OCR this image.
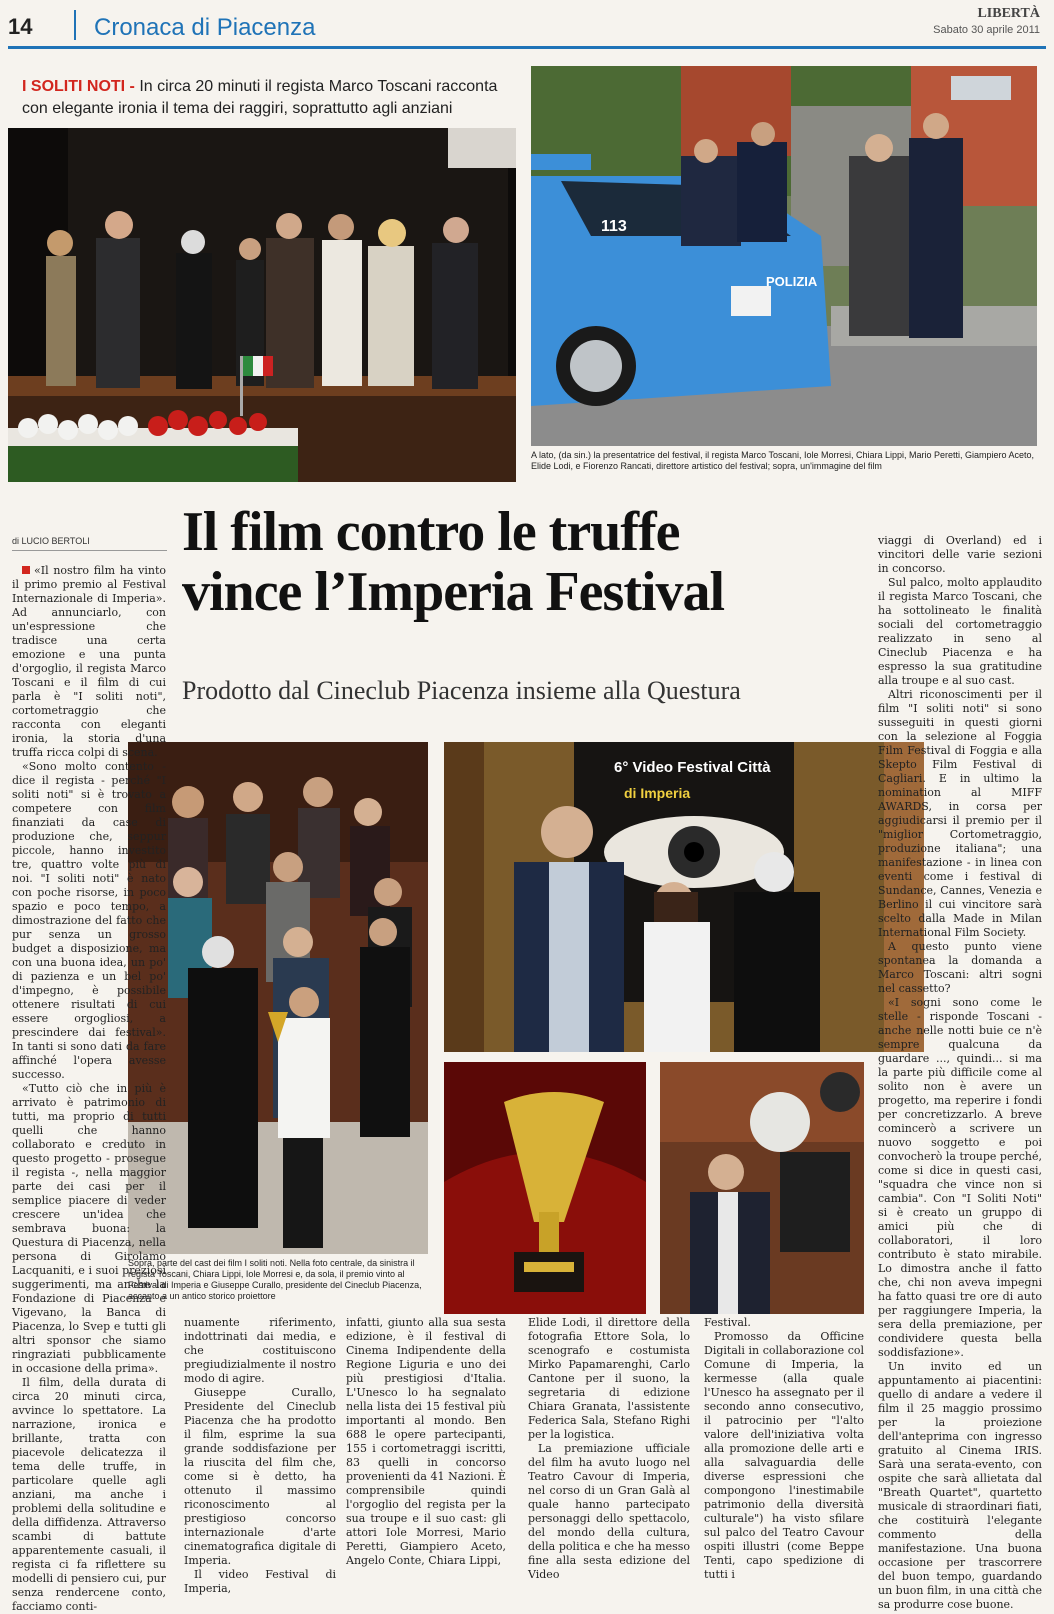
14	Cronaca di Piacenza
LIBERTÀ
Sabato 30 aprile 2011
I SOLITI NOTI - In circa 20 minuti il regista Marco Toscani racconta con elegante ironia il tema dei raggiri, soprattutto agli anziani
113
POLIZIA
A lato, (da sin.) la presentatrice del festival, il regista Marco Toscani, Iole Morresi, Chiara Lippi, Mario Peretti, Giampiero Aceto, Elide Lodi, e Fiorenzo Rancati, direttore artistico del festival; sopra, un'immagine del film
di LUCIO BERTOLI Il film contro le truffe
vince l’Imperia Festival
Prodotto dal Cineclub Piacenza insieme alla Questura
Sopra, parte del cast dei film I soliti noti. Nella foto centrale, da sinistra il regista Toscani, Chiara Lippi, Iole Morresi e, da sola, il premio vinto al Festival di Imperia e Giuseppe Curallo, presidente del Cineclub Piacenza, accanto a un antico storico proiettore
6° Video Festival Città
di Imperia

«Il nostro film ha vinto il primo premio al Festival Internazionale di Imperia». Ad annunciarlo, con un'espressione che tradisce una certa emozione e una punta d'orgoglio, il regista Marco Toscani e il film di cui parla è "I soliti noti", cortometraggio che racconta con eleganti ironia, la storia d'una truffa ricca colpi di scena.

«Sono molto contento - dice il regista - perché "I soliti noti" si è trovato a competere con film finanziati da case di produzione che, seppur piccole, hanno investito tre, quattro volte più di noi. "I soliti noti" è nato con poche risorse, in poco spazio e poco tempo, a dimostrazione del fatto che pur senza un grosso budget a disposizione, ma con una buona idea, un po' di pazienza e un bel po' d'impegno, è possibile ottenere risultati di cui essere orgogliosi, a prescindere dai festival». In tanti si sono dati da fare affinché l'opera avesse successo.

«Tutto ciò che in più è arrivato è patrimonio di tutti, ma proprio di tutti quelli che hanno collaborato e creduto in questo progetto - prosegue il regista -, nella maggior parte dei casi per il semplice piacere di veder crescere un'idea che sembrava buona: la Questura di Piacenza, nella persona di Girolamo Lacquaniti, e i suoi preziosi suggerimenti, ma anche la Fondazione di Piacenza e Vigevano, la Banca di Piacenza, lo Svep e tutti gli altri sponsor che siamo ringraziati pubblicamente in occasione della prima».

Il film, della durata di circa 20 minuti circa, avvince lo spettatore. La narrazione, ironica e brillante, tratta con piacevole delicatezza il tema delle truffe, in particolare quelle agli anziani, ma anche i problemi della solitudine e della diffidenza. Attraverso scambi di battute apparentemente casuali, il regista ci fa riflettere su modelli di pensiero cui, pur senza rendercene conto, facciamo conti-

nuamente riferimento, indottrinati dai media, e che costituiscono pregiudizialmente il nostro modo di agire.

Giuseppe Curallo, Presidente del Cineclub Piacenza che ha prodotto il film, esprime la sua grande soddisfazione per la riuscita del film che, come si è detto, ha ottenuto il massimo riconoscimento al prestigioso concorso internazionale d'arte cinematografica digitale di Imperia.

Il video Festival di Imperia,

infatti, giunto alla sua sesta edizione, è il festival di Cinema Indipendente della Regione Liguria e uno dei più prestigiosi d'Italia. L'Unesco lo ha segnalato nella lista dei 15 festival più importanti al mondo. Ben 688 le opere partecipanti, 155 i cortometraggi iscritti, 83 quelli in concorso provenienti da 41 Nazioni. È comprensibile quindi l'orgoglio del regista per la sua troupe e il suo cast: gli attori Iole Morresi, Mario Peretti, Giampiero Aceto, Angelo Conte, Chiara Lippi,

Elide Lodi, il direttore della fotografia Ettore Sola, lo scenografo e costumista Mirko Papamarenghi, Carlo Cantone per il suono, la segretaria di edizione Chiara Granata, l'assistente Federica Sala, Stefano Righi per la logistica.

La premiazione ufficiale del film ha avuto luogo nel Teatro Cavour di Imperia, nel corso di un Gran Galà al quale hanno partecipato personaggi dello spettacolo, del mondo della cultura, della politica e che ha messo fine alla sesta edizione del Video

Festival.

Promosso da Officine Digitali in collaborazione col Comune di Imperia, la kermesse (alla quale l'Unesco ha assegnato per il secondo anno consecutivo, il patrocinio per "l'alto valore dell'iniziativa volta alla promozione delle arti e alla salvaguardia delle diverse espressioni che compongono l'inestimabile patrimonio della diversità culturale") ha visto sfilare sul palco del Teatro Cavour ospiti illustri (come Beppe Tenti, capo spedizione di tutti i

viaggi di Overland) ed i vincitori delle varie sezioni in concorso.

Sul palco, molto applaudito il regista Marco Toscani, che ha sottolineato le finalità sociali del cortometraggio realizzato in seno al Cineclub Piacenza e ha espresso la sua gratitudine alla troupe e al suo cast.

Altri riconoscimenti per il film "I soliti noti" si sono susseguiti in questi giorni con la selezione al Foggia Film Festival di Foggia e alla Skepto Film Festival di Cagliari. E in ultimo la nomination al MIFF AWARDS, in corsa per aggiudicarsi il premio per il "miglior Cortometraggio, produzione italiana"; una manifestazione - in linea con eventi come i festival di Sundance, Cannes, Venezia e Berlino il cui vincitore sarà scelto dalla Made in Milan International Film Society.

A questo punto viene spontanea la domanda a Marco Toscani: altri sogni nel cassetto?

«I sogni sono come le stelle - risponde Toscani - anche nelle notti buie ce n'è sempre qualcuna da guardare ..., quindi... si ma la parte più difficile come al solito non è avere un progetto, ma reperire i fondi per concretizzarlo. A breve comincerò a scrivere un nuovo soggetto e poi convocherò la troupe perché, come si dice in questi casi, "squadra che vince non si cambia". Con "I Soliti Noti" si è creato un gruppo di amici più che di collaboratori, il loro contributo è stato mirabile. Lo dimostra anche il fatto che, chi non aveva impegni ha fatto quasi tre ore di auto per raggiungere Imperia, la sera della premiazione, per condividere questa bella soddisfazione».

Un invito ed un appuntamento ai piacentini: quello di andare a vedere il film il 25 maggio prossimo per la proiezione dell'anteprima con ingresso gratuito al Cinema IRIS. Sarà una serata-evento, con ospite che sarà allietata dal "Breath Quartet", quartetto musicale di straordinari fiati, che costituirà l'elegante commento della manifestazione. Una buona occasione per trascorrere del buon tempo, guardando un buon film, in una città che sa produrre cose buone.
